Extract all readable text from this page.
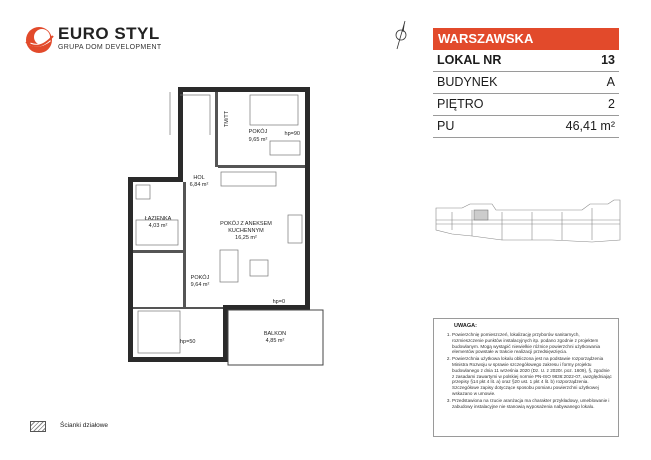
EURO STYL
GRUPA DOM DEVELOPMENT
WARSZAWSKA
LOKAL NR	13
BUDYNEK	A
PIĘTRO	2
PU	46,41 m²
POKÓJ
9,65 m²
HOL
6,84 m²
ŁAZIENKA
4,03 m²	POKÓJ Z ANEKSEM
KUCHENNYM
16,25 m²
POKÓJ
9,64 m²
BALKON
4,85 m²
hp=90
hp=50
hp=0
TM/TT
UWAGA:
1. Powierzchnię pomieszczeń, lokalizację przyborów sanitarnych, rozmieszczenie punktów instalacyjnych itp. podano zgodnie z projektem budowlanym. Mogą wystąpić niewielkie różnice powierzchni użytkowania elementów powstałe w trakcie realizacji przedsięwzięcia.
2. Powierzchnia użytkowa lokalu obliczona jest na podstawie rozporządzenia Ministra Rozwoju w sprawie szczegółowego zakresu i formy projektu budowlanego z dnia 11 września 2020 (Dz. U. z 2020r. poz. 1609), §, zgodnie z zasadami zawartymi w polskiej normie PN-ISO 9836:2022-07, uwzględniając przepisy §14 pkt 4 lit. a) oraz §20 ust. 1 pkt 4 lit. b) rozporządzenia. Szczegółowe zapisy dotyczące sposobu pomiaru powierzchni użytkowej wskazano w umowie.
3. Przedstawiona na rzucie aranżacja ma charakter przykładowy, umeblowanie i zabudowy instalacyjne nie stanowią wyposażenia nabywanego lokalu.
Ścianki działowe
